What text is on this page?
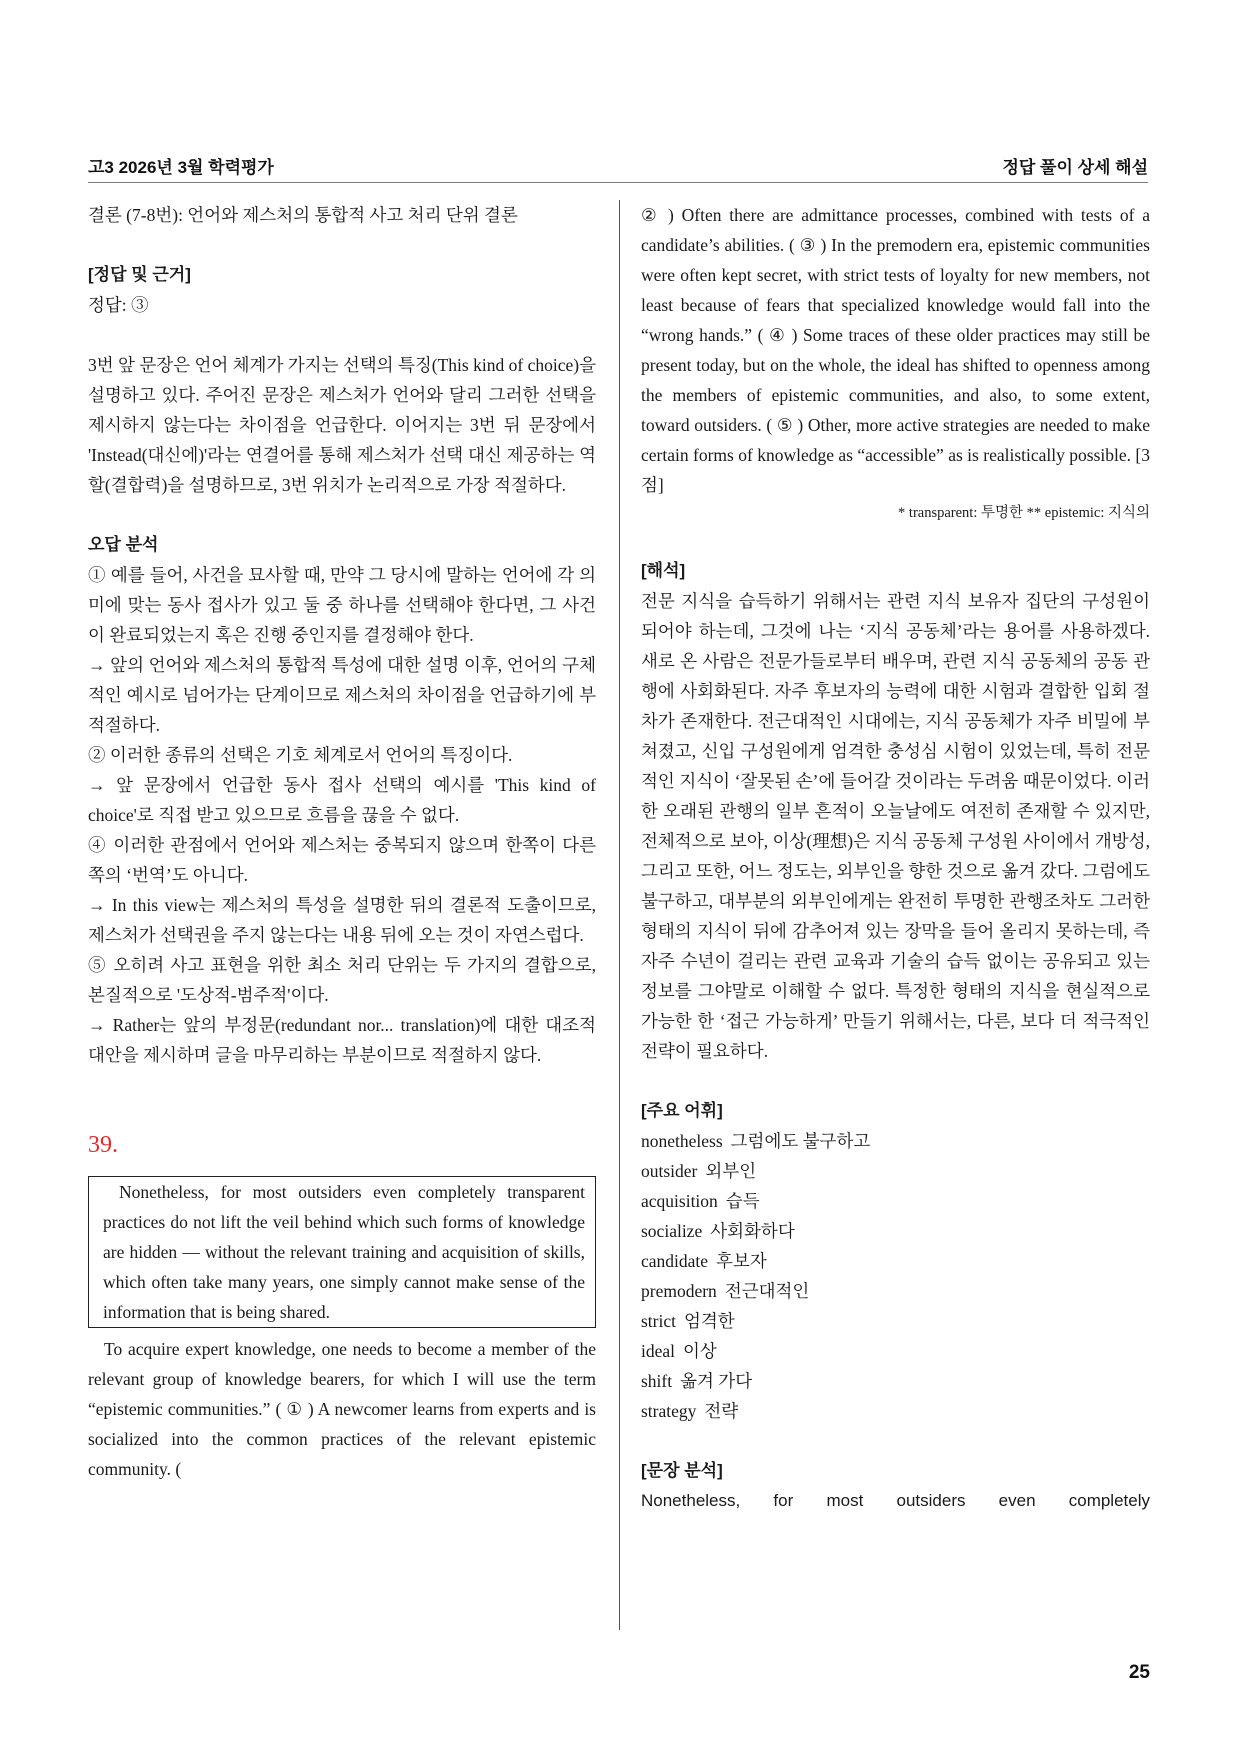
고3 2026년 3월 학력평가	정답 풀이 상세 해설

결론 (7-8번): 언어와 제스처의 통합적 사고 처리 단위 결론

[정답 및 근거]

정답: ③

3번 앞 문장은 언어 체계가 가지는 선택의 특징(This kind of choice)을 설명하고 있다. 주어진 문장은 제스처가 언어와 달리 그러한 선택을 제시하지 않는다는 차이점을 언급한다. 이어지는 3번 뒤 문장에서 'Instead(대신에)'라는 연결어를 통해 제스처가 선택 대신 제공하는 역할(결합력)을 설명하므로, 3번 위치가 논리적으로 가장 적절하다.

오답 분석

① 예를 들어, 사건을 묘사할 때, 만약 그 당시에 말하는 언어에 각 의미에 맞는 동사 접사가 있고 둘 중 하나를 선택해야 한다면, 그 사건이 완료되었는지 혹은 진행 중인지를 결정해야 한다.

→ 앞의 언어와 제스처의 통합적 특성에 대한 설명 이후, 언어의 구체적인 예시로 넘어가는 단계이므로 제스처의 차이점을 언급하기에 부적절하다.

② 이러한 종류의 선택은 기호 체계로서 언어의 특징이다.

→ 앞 문장에서 언급한 동사 접사 선택의 예시를 'This kind of choice'로 직접 받고 있으므로 흐름을 끊을 수 없다.

④ 이러한 관점에서 언어와 제스처는 중복되지 않으며 한쪽이 다른 쪽의 ‘번역’도 아니다.

→ In this view는 제스처의 특성을 설명한 뒤의 결론적 도출이므로, 제스처가 선택권을 주지 않는다는 내용 뒤에 오는 것이 자연스럽다.

⑤ 오히려 사고 표현을 위한 최소 처리 단위는 두 가지의 결합으로, 본질적으로 '도상적-범주적'이다.

→ Rather는 앞의 부정문(redundant nor... translation)에 대한 대조적 대안을 제시하며 글을 마무리하는 부분이므로 적절하지 않다.

39.
Nonetheless, for most outsiders even completely transparent practices do not lift the veil behind which such forms of knowledge are hidden — without the relevant training and acquisition of skills, which often take many years, one simply cannot make sense of the information that is being shared.

To acquire expert knowledge, one needs to become a member of the relevant group of knowledge bearers, for which I will use the term “epistemic communities.” ( ① ) A newcomer learns from experts and is socialized into the common practices of the relevant epistemic community. (

② ) Often there are admittance processes, combined with tests of a candidate’s abilities. ( ③ ) In the premodern era, epistemic communities were often kept secret, with strict tests of loyalty for new members, not least because of fears that specialized knowledge would fall into the “wrong hands.” ( ④ ) Some traces of these older practices may still be present today, but on the whole, the ideal has shifted to openness among the members of epistemic communities, and also, to some extent, toward outsiders. ( ⑤ ) Other, more active strategies are needed to make certain forms of knowledge as “accessible” as is realistically possible. [3점]

* transparent: 투명한 ** epistemic: 지식의
[해석]

전문 지식을 습득하기 위해서는 관련 지식 보유자 집단의 구성원이 되어야 하는데, 그것에 나는 ‘지식 공동체’라는 용어를 사용하겠다. 새로 온 사람은 전문가들로부터 배우며, 관련 지식 공동체의 공동 관행에 사회화된다. 자주 후보자의 능력에 대한 시험과 결합한 입회 절차가 존재한다. 전근대적인 시대에는, 지식 공동체가 자주 비밀에 부쳐졌고, 신입 구성원에게 엄격한 충성심 시험이 있었는데, 특히 전문적인 지식이 ‘잘못된 손’에 들어갈 것이라는 두려움 때문이었다. 이러한 오래된 관행의 일부 흔적이 오늘날에도 여전히 존재할 수 있지만, 전체적으로 보아, 이상(理想)은 지식 공동체 구성원 사이에서 개방성, 그리고 또한, 어느 정도는, 외부인을 향한 것으로 옮겨 갔다. 그럼에도 불구하고, 대부분의 외부인에게는 완전히 투명한 관행조차도 그러한 형태의 지식이 뒤에 감추어져 있는 장막을 들어 올리지 못하는데, 즉 자주 수년이 걸리는 관련 교육과 기술의 습득 없이는 공유되고 있는 정보를 그야말로 이해할 수 없다. 특정한 형태의 지식을 현실적으로 가능한 한 ‘접근 가능하게’ 만들기 위해서는, 다른, 보다 더 적극적인 전략이 필요하다.

[주요 어휘]
nonetheless 그럼에도 불구하고
outsider 외부인
acquisition 습득
socialize 사회화하다
candidate 후보자
premodern 전근대적인
strict 엄격한
ideal 이상
shift 옮겨 가다
strategy 전략
[문장 분석]
Nonetheless, for most outsiders even completely
25
